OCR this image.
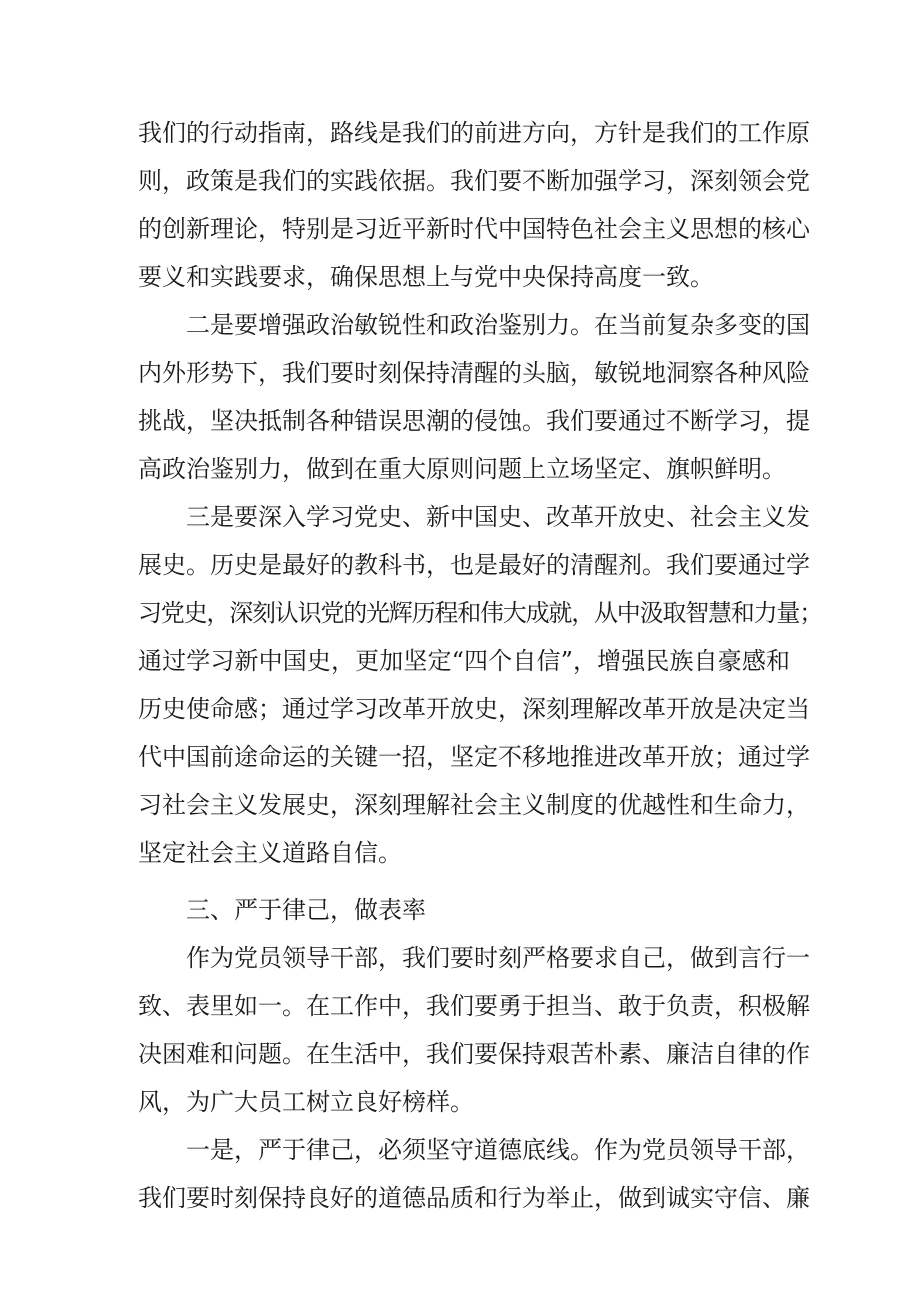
我们的行动指南，路线是我们的前进方向，方针是我们的工作原
则，政策是我们的实践依据。我们要不断加强学习，深刻领会党
的创新理论，特别是习近平新时代中国特色社会主义思想的核心
要义和实践要求，确保思想上与党中央保持高度一致。
二是要增强政治敏锐性和政治鉴别力。在当前复杂多变的国
内外形势下，我们要时刻保持清醒的头脑，敏锐地洞察各种风险
挑战，坚决抵制各种错误思潮的侵蚀。我们要通过不断学习，提
高政治鉴别力，做到在重大原则问题上立场坚定、旗帜鲜明。
三是要深入学习党史、新中国史、改革开放史、社会主义发
展史。历史是最好的教科书，也是最好的清醒剂。我们要通过学
习党史，深刻认识党的光辉历程和伟大成就，从中汲取智慧和力量；
通过学习新中国史，更加坚定“四个自信”，增强民族自豪感和
历史使命感；通过学习改革开放史，深刻理解改革开放是决定当
代中国前途命运的关键一招，坚定不移地推进改革开放；通过学
习社会主义发展史，深刻理解社会主义制度的优越性和生命力，
坚定社会主义道路自信。
三、严于律己，做表率
作为党员领导干部，我们要时刻严格要求自己，做到言行一
致、表里如一。在工作中，我们要勇于担当、敢于负责，积极解
决困难和问题。在生活中，我们要保持艰苦朴素、廉洁自律的作
风，为广大员工树立良好榜样。
一是，严于律己，必须坚守道德底线。作为党员领导干部，
我们要时刻保持良好的道德品质和行为举止，做到诚实守信、廉
